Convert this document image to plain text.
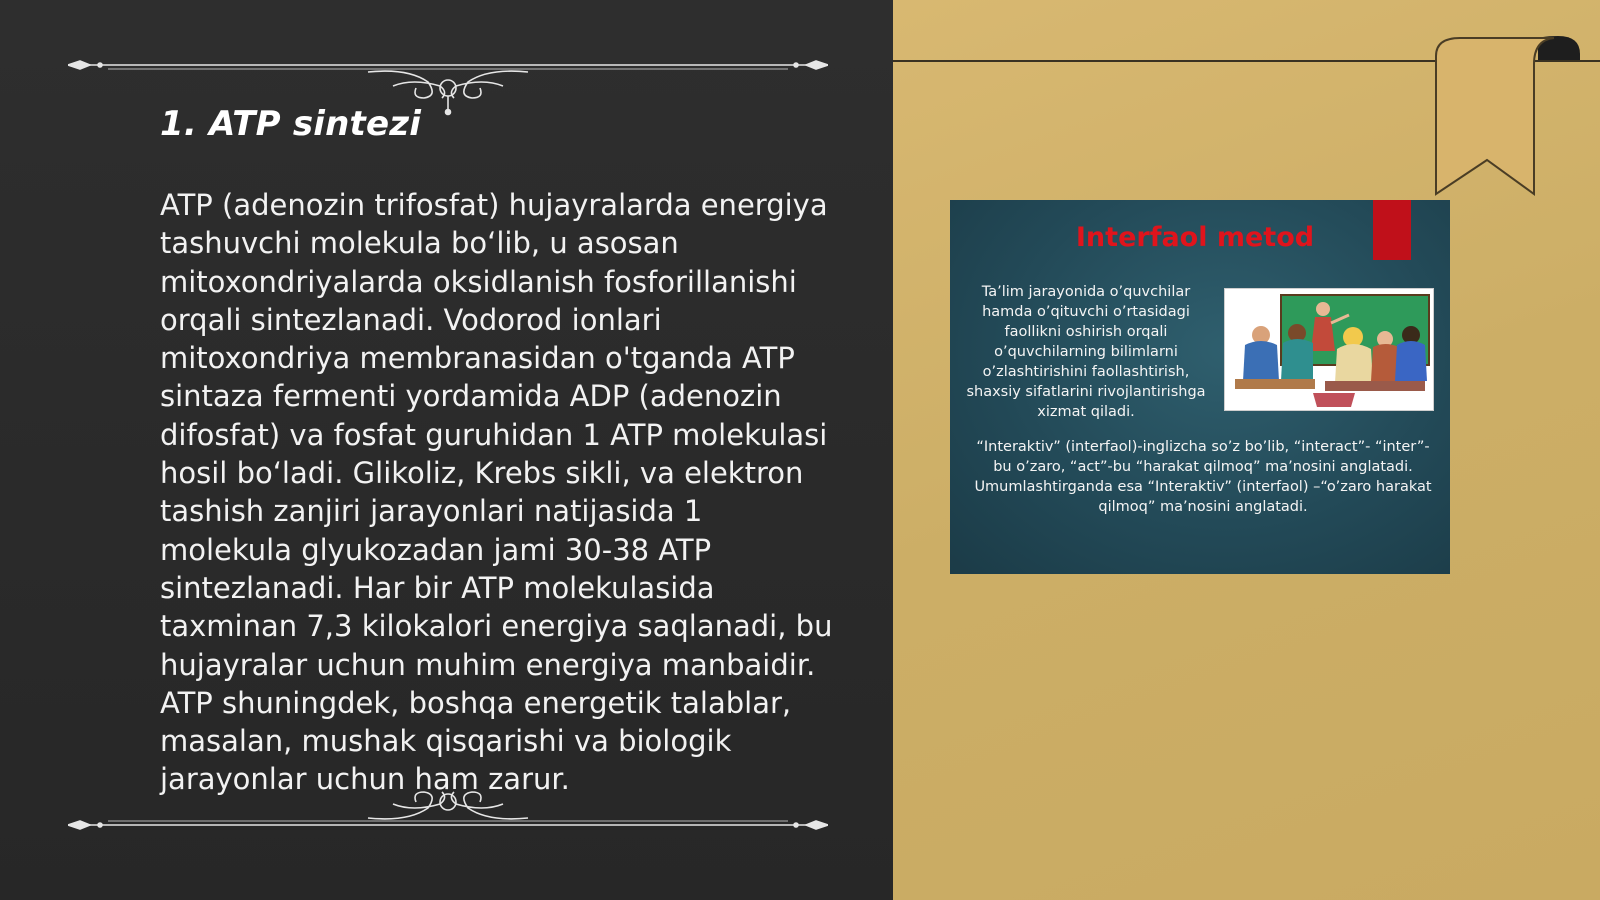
1. ATP sintezi

ATP (adenozin trifosfat) hujayralarda energiya tashuvchi molekula bo‘lib, u asosan mitoxondriyalarda oksidlanish fosforillanishi orqali sintezlanadi. Vodorod ionlari mitoxondriya membranasidan o'tganda ATP sintaza fermenti yordamida ADP (adenozin difosfat) va fosfat guruhidan 1 ATP molekulasi hosil bo‘ladi. Glikoliz, Krebs sikli, va elektron tashish zanjiri jarayonlari natijasida 1 molekula glyukozadan jami 30-38 ATP sintezlanadi. Har bir ATP molekulasida taxminan 7,3 kilokalori energiya saqlanadi, bu hujayralar uchun muhim energiya manbaidir. ATP shuningdek, boshqa energetik talablar, masalan, mushak qisqarishi va biologik jarayonlar uchun ham zarur.

Interfaol metod

Ta’lim jarayonida o’quvchilar hamda o’qituvchi o’rtasidagi faollikni oshirish orqali o’quvchilarning bilimlarni o’zlashtirishini faollashtirish, shaxsiy sifatlarini rivojlantirishga xizmat qiladi.

“Interaktiv” (interfaol)-inglizcha so’z bo’lib, “interact”- “inter”-bu o’zaro, “act”-bu “harakat qilmoq” ma’nosini anglatadi. Umumlashtirganda esa “Interaktiv” (interfaol) –“o’zaro harakat qilmoq” ma’nosini anglatadi.
